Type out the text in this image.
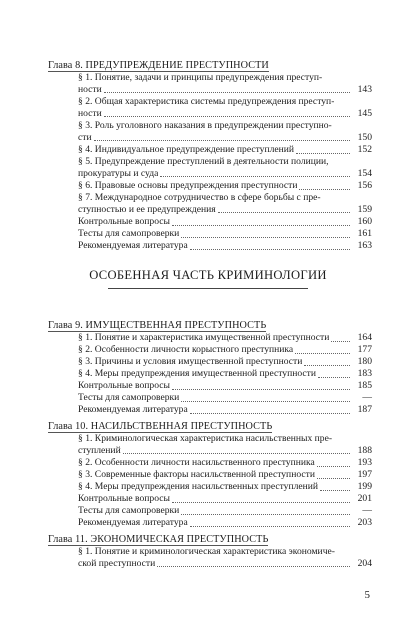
ОСОБЕННАЯ ЧАСТЬ КРИМИНОЛОГИИ
5
Глава 8. ПРЕДУПРЕЖДЕНИЕ ПРЕСТУПНОСТИ
§ 1. Понятие, задачи и принципы предупреждения преступ-
ности	143
§ 2. Общая характеристика системы предупреждения преступ-
ности	145
§ 3. Роль уголовного наказания в предупреждении преступно-
сти	150
§ 4. Индивидуальное предупреждение преступлений	152
§ 5. Предупреждение преступлений в деятельности полиции,
прокуратуры и суда	154
§ 6. Правовые основы предупреждения преступности	156
§ 7. Международное сотрудничество в сфере борьбы с пре-
ступностью и ее предупреждения	159
Контрольные вопросы	160
Тесты для самопроверки	161
Рекомендуемая литература	163
Глава 9. ИМУЩЕСТВЕННАЯ ПРЕСТУПНОСТЬ
§ 1. Понятие и характеристика имущественной преступности	164
§ 2. Особенности личности корыстного преступника	177
§ 3. Причины и условия имущественной преступности	180
§ 4. Меры предупреждения имущественной преступности	183
Контрольные вопросы	185
Тесты для самопроверки	—
Рекомендуемая литература	187
Глава 10. НАСИЛЬСТВЕННАЯ ПРЕСТУПНОСТЬ
§ 1. Криминологическая характеристика насильственных пре-
ступлений	188
§ 2. Особенности личности насильственного преступника	193
§ 3. Современные факторы насильственной преступности	197
§ 4. Меры предупреждения насильственных преступлений	199
Контрольные вопросы	201
Тесты для самопроверки	—
Рекомендуемая литература	203
Глава 11. ЭКОНОМИЧЕСКАЯ ПРЕСТУПНОСТЬ
§ 1. Понятие и криминологическая характеристика экономиче-
ской преступности	204
